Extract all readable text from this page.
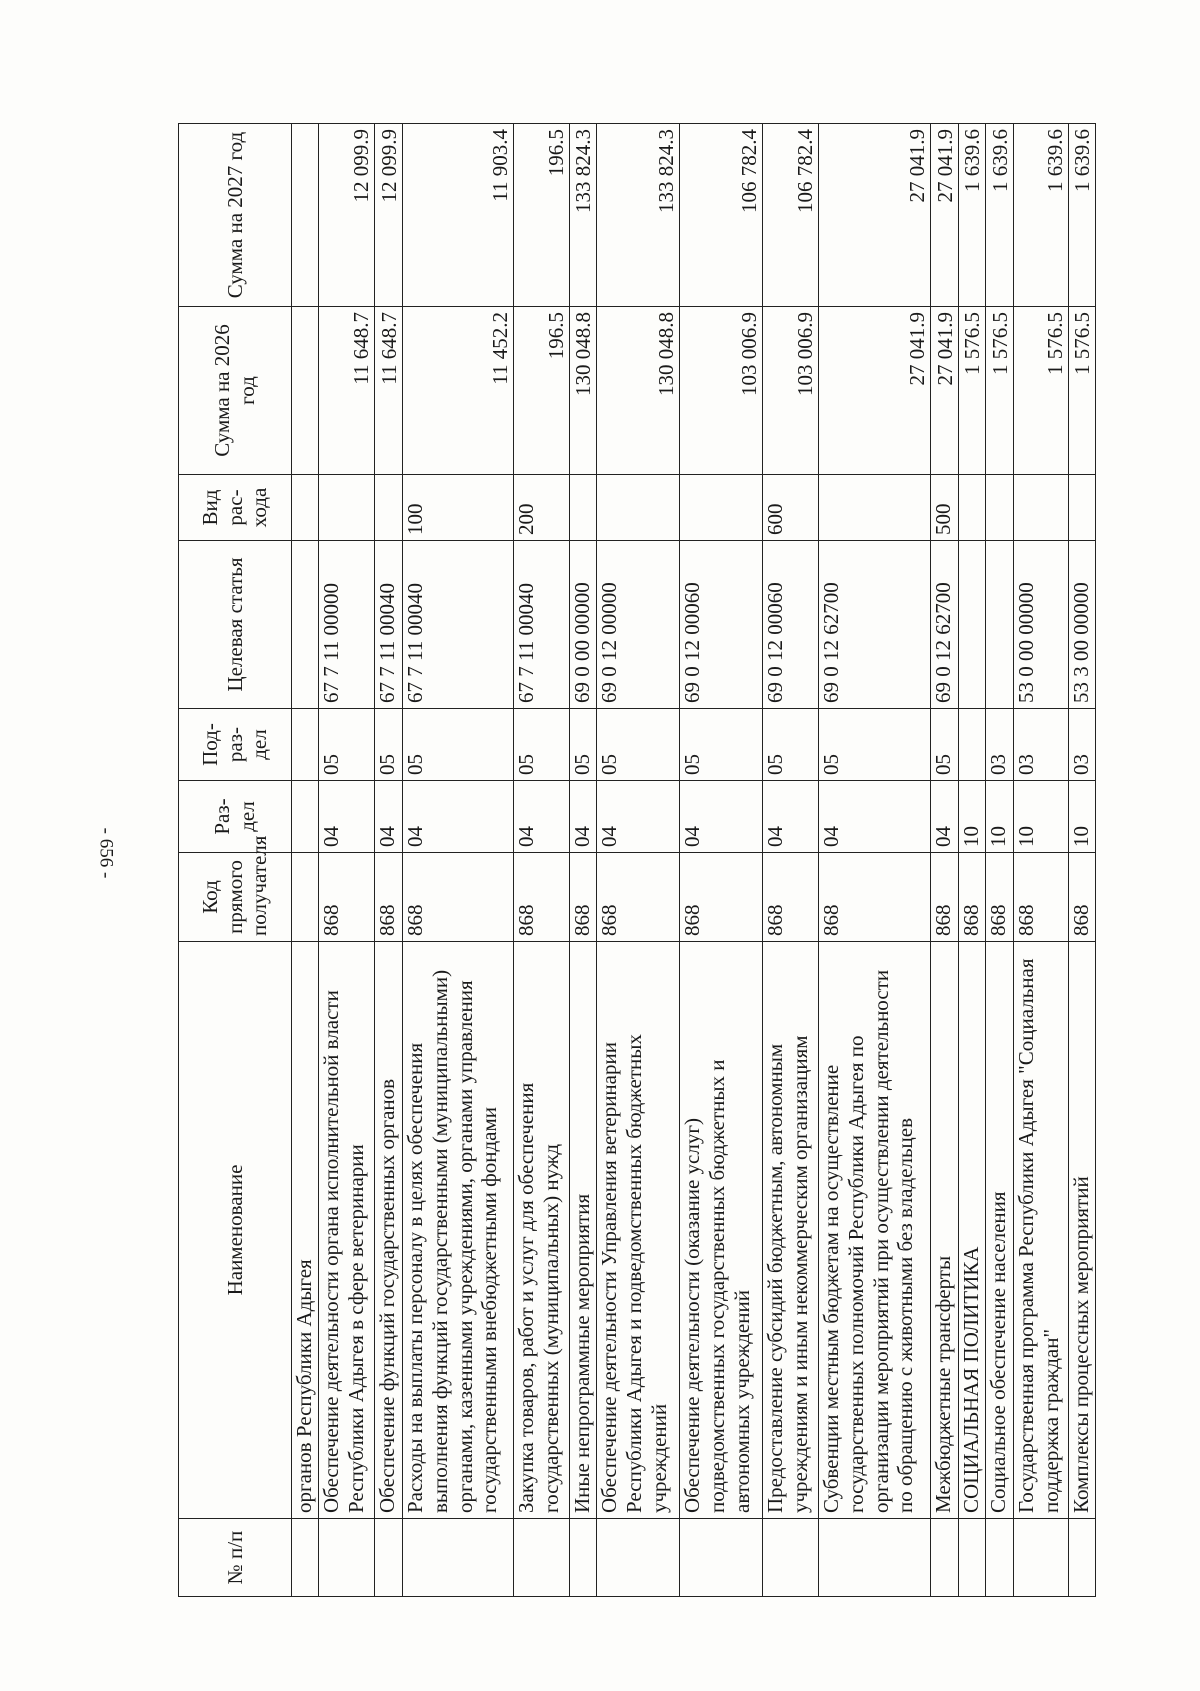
- 656 -
№ п/п	Наименование	Код прямого получателя	Раз-дел	Под-раз-дел	Целевая статья	Вид рас-хода	Сумма на 2026 год	Сумма на 2027 год
	органов Республики Адыгея							
	Обеспечение деятельности органа исполнительной власти Республики Адыгея в сфере ветеринарии	868	04	05	67 7 11 00000		11 648.7	12 099.9
	Обеспечение функций государственных органов	868	04	05	67 7 11 00040		11 648.7	12 099.9
	Расходы на выплаты персоналу в целях обеспечения выполнения функций государственными (муниципальными) органами, казенными учреждениями, органами управления государственными внебюджетными фондами	868	04	05	67 7 11 00040	100	11 452.2	11 903.4
	Закупка товаров, работ и услуг для обеспечения государственных (муниципальных) нужд	868	04	05	67 7 11 00040	200	196.5	196.5
	Иные непрограммные мероприятия	868	04	05	69 0 00 00000		130 048.8	133 824.3
	Обеспечение деятельности Управления ветеринарии Республики Адыгея и подведомственных бюджетных учреждений	868	04	05	69 0 12 00000		130 048.8	133 824.3
	Обеспечение деятельности (оказание услуг) подведомственных государственных бюджетных и автономных учреждений	868	04	05	69 0 12 00060		103 006.9	106 782.4
	Предоставление субсидий бюджетным, автономным учреждениям и иным некоммерческим организациям	868	04	05	69 0 12 00060	600	103 006.9	106 782.4
	Субвенции местным бюджетам на осуществление государственных полномочий Республики Адыгея по организации мероприятий при осуществлении деятельности по обращению с животными без владельцев	868	04	05	69 0 12 62700		27 041.9	27 041.9
	Межбюджетные трансферты	868	04	05	69 0 12 62700	500	27 041.9	27 041.9
	СОЦИАЛЬНАЯ ПОЛИТИКА	868	10				1 576.5	1 639.6
	Социальное обеспечение населения	868	10	03			1 576.5	1 639.6
	Государственная программа Республики Адыгея "Социальная поддержка граждан"	868	10	03	53 0 00 00000		1 576.5	1 639.6
	Комплексы процессных мероприятий	868	10	03	53 3 00 00000		1 576.5	1 639.6
